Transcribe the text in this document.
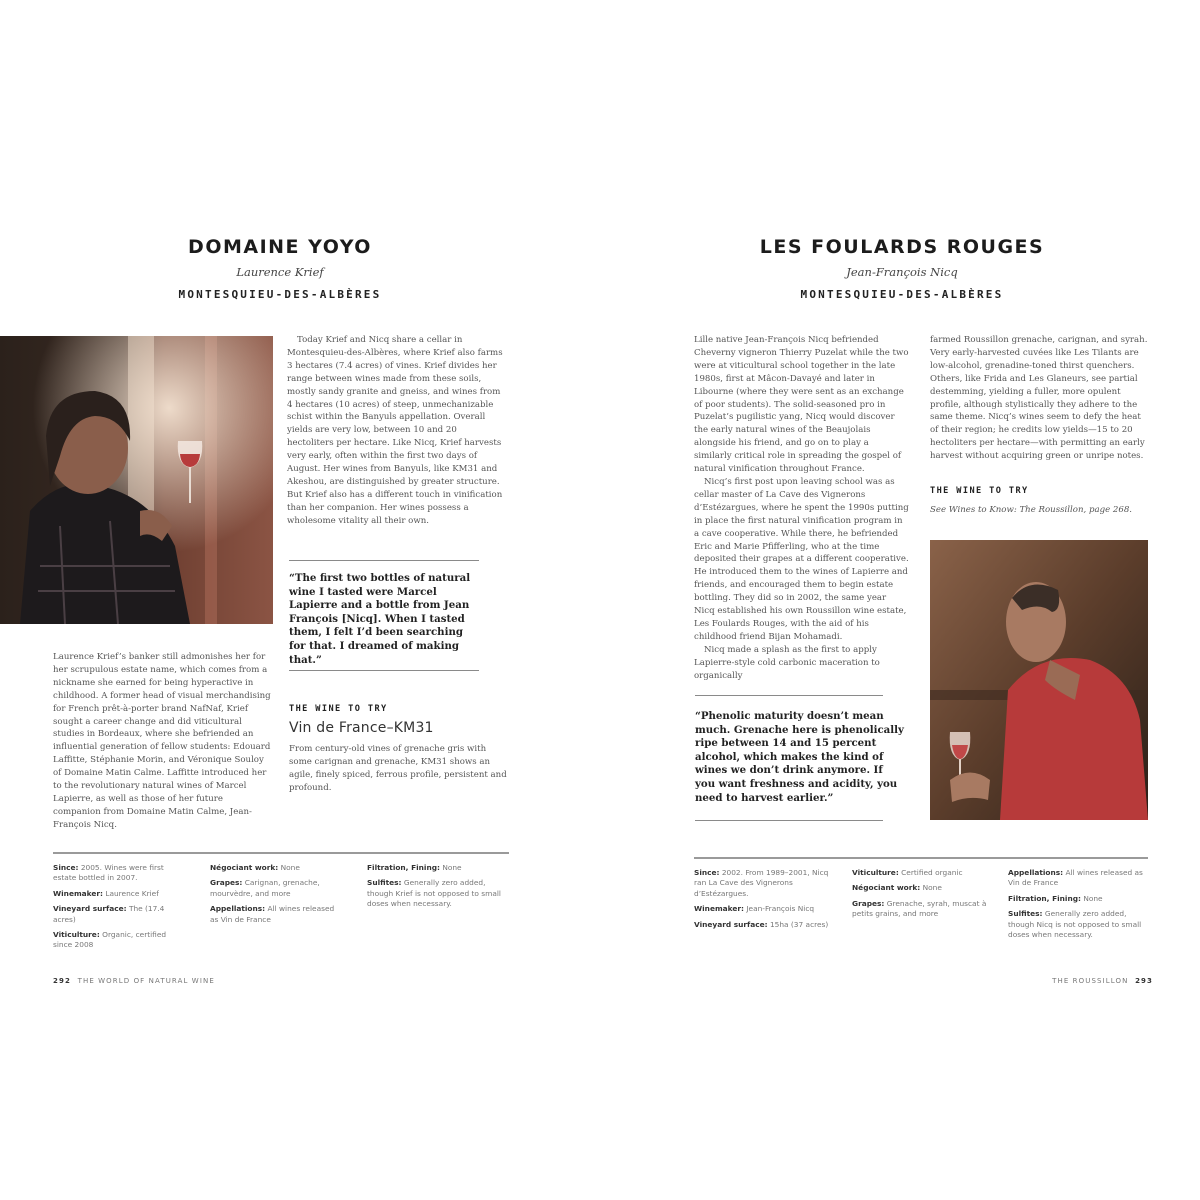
DOMAINE YOYO
Laurence Krief
MONTESQUIEU-DES-ALBÈRES

Today Krief and Nicq share a cellar in Montesquieu-des-Albères, where Krief also farms 3 hectares (7.4 acres) of vines. Krief divides her range between wines made from these soils, mostly sandy granite and gneiss, and wines from 4 hectares (10 acres) of steep, unmechanizable schist within the Banyuls appellation. Overall yields are very low, between 10 and 20 hectoliters per hectare. Like Nicq, Krief harvests very early, often within the first two days of August. Her wines from Banyuls, like KM31 and Akeshou, are distinguished by greater structure. But Krief also has a different touch in vinification than her companion. Her wines possess a wholesome vitality all their own.

Laurence Krief’s banker still admonishes her for her scrupulous estate name, which comes from a nickname she earned for being hyperactive in childhood. A former head of visual merchandising for French prêt-à-porter brand NafNaf, Krief sought a career change and did viticultural studies in Bordeaux, where she befriended an influential generation of fellow students: Edouard Laffitte, Stéphanie Morin, and Véronique Souloy of Domaine Matin Calme. Laffitte introduced her to the revolutionary natural wines of Marcel Lapierre, as well as those of her future companion from Domaine Matin Calme, Jean-François Nicq.

“The first two bottles of natural wine I tasted were Marcel Lapierre and a bottle from Jean François [Nicq]. When I tasted them, I felt I’d been searching for that. I dreamed of making that.”
THE WINE TO TRY
Vin de France–KM31
From century-old vines of grenache gris with some carignan and grenache, KM31 shows an agile, finely spiced, ferrous profile, persistent and profound.
Since: 2005. Wines were first estate bottled in 2007.
Winemaker: Laurence Krief
Vineyard surface: The (17.4 acres)
Viticulture: Organic, certified since 2008
Négociant work: None
Grapes: Carignan, grenache, mourvèdre, and more
Appellations: All wines released as Vin de France
Filtration, Fining: None
Sulfites: Generally zero added, though Krief is not opposed to small doses when necessary.
292 THE WORLD OF NATURAL WINE
LES FOULARDS ROUGES
Jean-François Nicq
MONTESQUIEU-DES-ALBÈRES

Lille native Jean-François Nicq befriended Cheverny vigneron Thierry Puzelat while the two were at viticultural school together in the late 1980s, first at Mâcon-Davayé and later in Libourne (where they were sent as an exchange of poor students). The solid-seasoned pro in Puzelat’s pugilistic yang, Nicq would discover the early natural wines of the Beaujolais alongside his friend, and go on to play a similarly critical role in spreading the gospel of natural vinification throughout France.

Nicq’s first post upon leaving school was as cellar master of La Cave des Vignerons d’Estézargues, where he spent the 1990s putting in place the first natural vinification program in a cave cooperative. While there, he befriended Eric and Marie Pfifferling, who at the time deposited their grapes at a different cooperative. He introduced them to the wines of Lapierre and friends, and encouraged them to begin estate bottling. They did so in 2002, the same year Nicq established his own Roussillon wine estate, Les Foulards Rouges, with the aid of his childhood friend Bijan Mohamadi.

Nicq made a splash as the first to apply Lapierre-style cold carbonic maceration to organically

farmed Roussillon grenache, carignan, and syrah. Very early-harvested cuvées like Les Tilants are low-alcohol, grenadine-toned thirst quenchers. Others, like Frida and Les Glaneurs, see partial destemming, yielding a fuller, more opulent profile, although stylistically they adhere to the same theme. Nicq’s wines seem to defy the heat of their region; he credits low yields—15 to 20 hectoliters per hectare—with permitting an early harvest without acquiring green or unripe notes.

THE WINE TO TRY
See Wines to Know: The Roussillon, page 268.
“Phenolic maturity doesn’t mean much. Grenache here is phenolically ripe between 14 and 15 percent alcohol, which makes the kind of wines we don’t drink anymore. If you want freshness and acidity, you need to harvest earlier.”
Since: 2002. From 1989–2001, Nicq ran La Cave des Vignerons d’Estézargues.
Winemaker: Jean-François Nicq
Vineyard surface: 15ha (37 acres)
Viticulture: Certified organic
Négociant work: None
Grapes: Grenache, syrah, muscat à petits grains, and more
Appellations: All wines released as Vin de France
Filtration, Fining: None
Sulfites: Generally zero added, though Nicq is not opposed to small doses when necessary.
THE ROUSSILLON 293
